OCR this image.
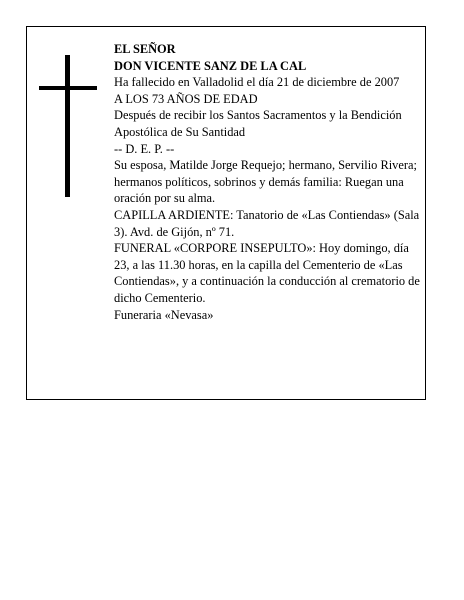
EL SEÑOR
DON VICENTE SANZ DE LA CAL
Ha fallecido en Valladolid el día 21 de diciembre de 2007
A LOS 73 AÑOS DE EDAD
Después de recibir los Santos Sacramentos y la Bendición Apostólica de Su Santidad
-- D. E. P. --
Su esposa, Matilde Jorge Requejo; hermano, Servilio Rivera; hermanos políticos, sobrinos y demás familia: Ruegan una oración por su alma.
CAPILLA ARDIENTE: Tanatorio de «Las Contiendas» (Sala 3). Avd. de Gijón, nº 71.
FUNERAL «CORPORE INSEPULTO»: Hoy domingo, día 23, a las 11.30 horas, en la capilla del Cementerio de «Las Contiendas», y a continuación la conducción al crematorio de dicho Cementerio.
Funeraria «Nevasa»
